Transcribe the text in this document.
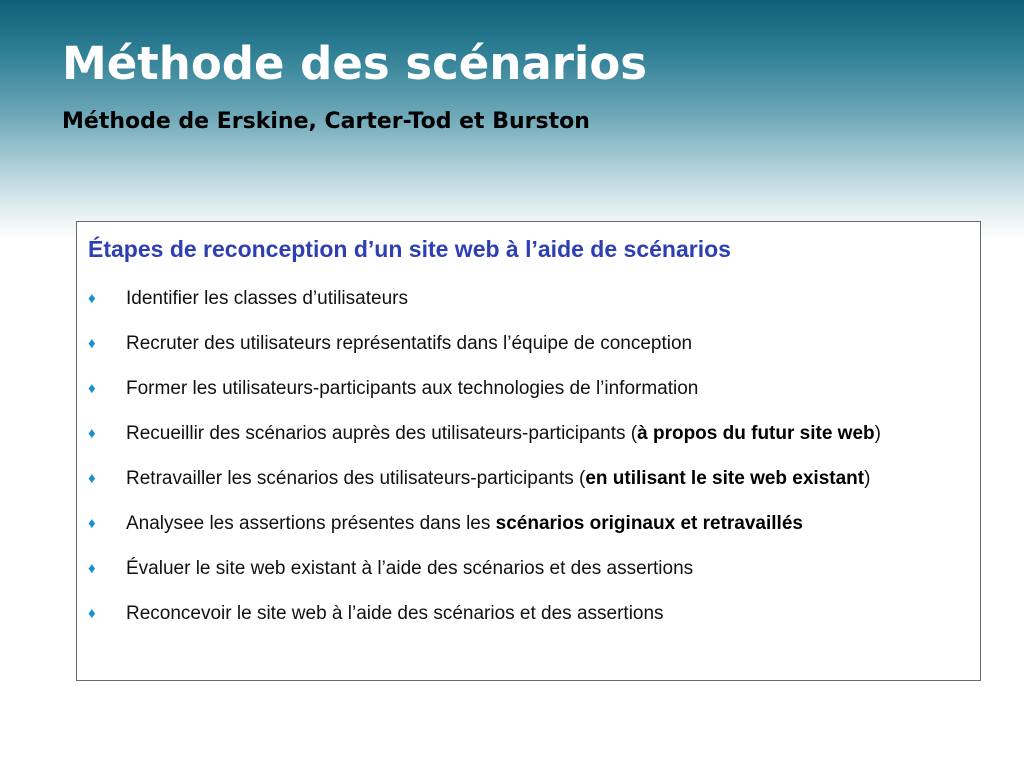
Méthode des scénarios
Méthode de Erskine, Carter-Tod et Burston
Étapes de reconception d’un site web à l’aide de scénarios
♦	Identifier les classes d’utilisateurs
♦	Recruter des utilisateurs représentatifs dans l’équipe de conception
♦	Former les utilisateurs-participants aux technologies de l’information
♦	Recueillir des scénarios auprès des utilisateurs-participants (à propos du futur site web)
♦	Retravailler les scénarios des utilisateurs-participants (en utilisant le site web existant)
♦	Analysee les assertions présentes dans les scénarios originaux et retravaillés
♦	Évaluer le site web existant à l’aide des scénarios et des assertions
♦	Reconcevoir le site web à l’aide des scénarios et des assertions
